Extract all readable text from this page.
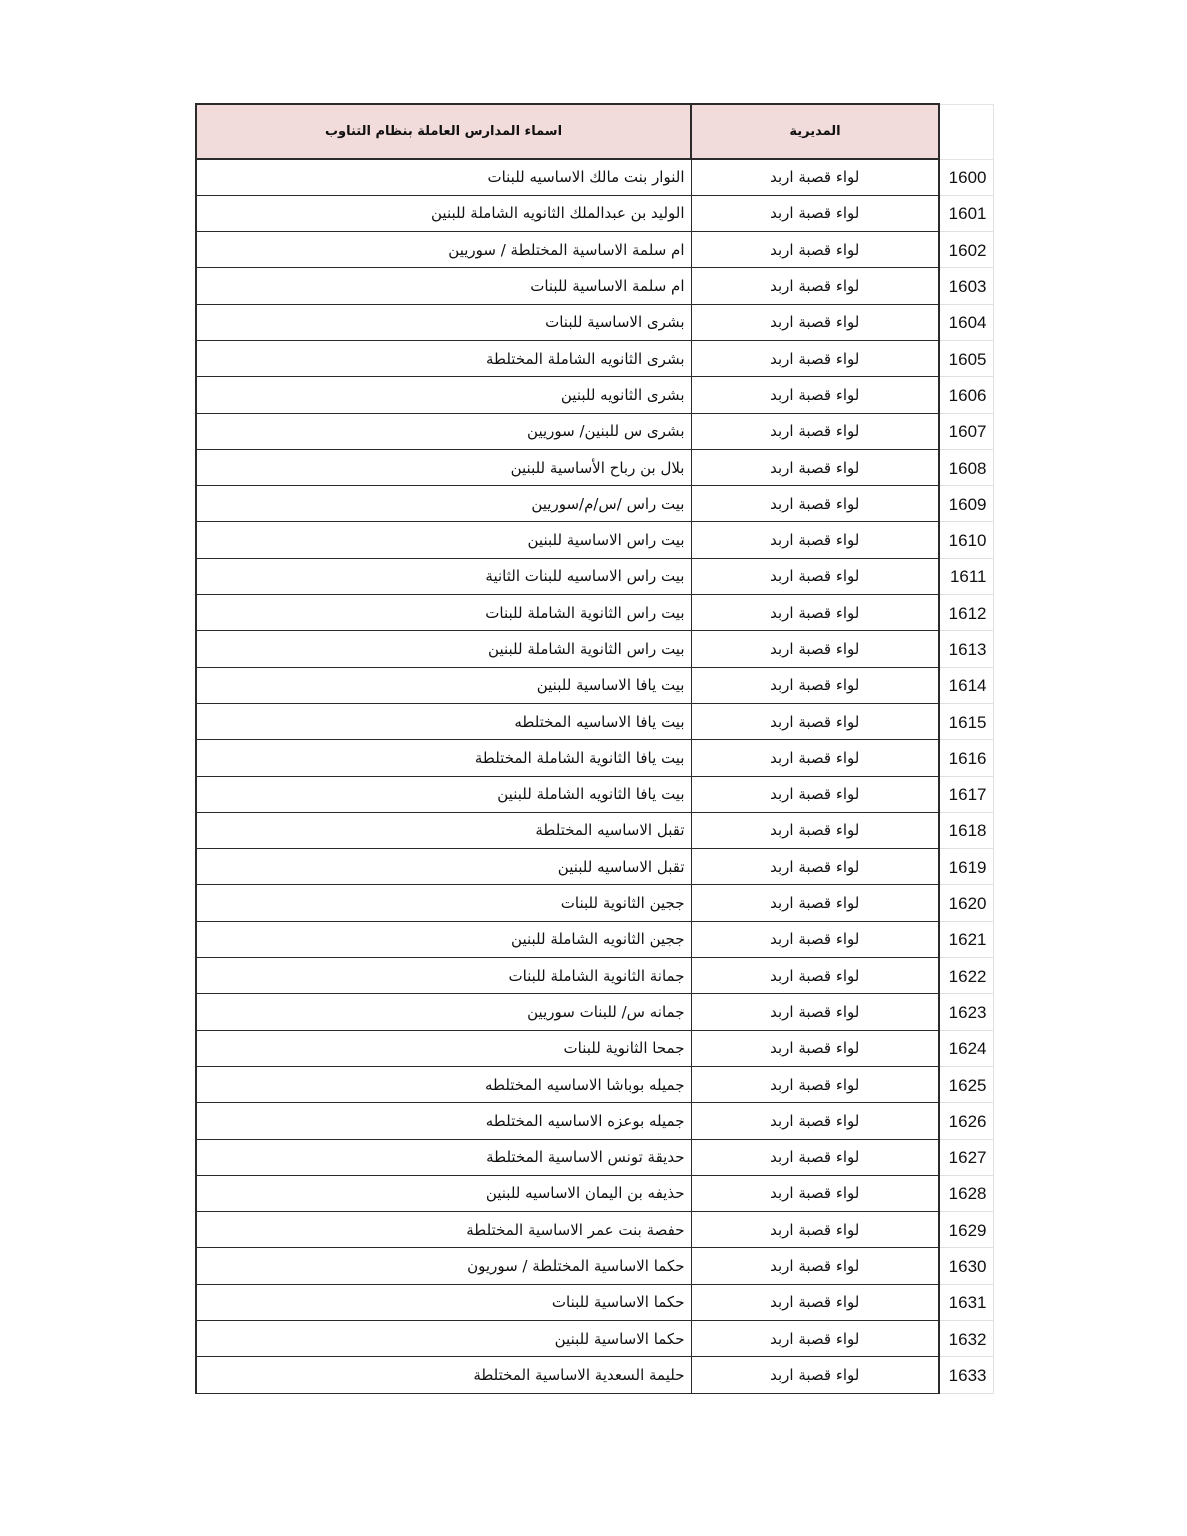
اسماء المدارس العاملة بنظام التناوب	المديرية	
النوار بنت مالك الاساسيه للبنات	لواء قصبة اربد	1600
الوليد بن عبدالملك الثانويه الشاملة للبنين	لواء قصبة اربد	1601
ام سلمة الاساسية المختلطة / سوريين	لواء قصبة اربد	1602
ام سلمة الاساسية للبنات	لواء قصبة اربد	1603
بشرى الاساسية للبنات	لواء قصبة اربد	1604
بشرى الثانويه الشاملة المختلطة	لواء قصبة اربد	1605
بشرى الثانويه للبنين	لواء قصبة اربد	1606
بشرى س للبنين/ سوريين	لواء قصبة اربد	1607
بلال بن رباح الأساسية للبنين	لواء قصبة اربد	1608
بيت راس /س/م/سوريين	لواء قصبة اربد	1609
بيت راس الاساسية للبنين	لواء قصبة اربد	1610
بيت راس الاساسيه للبنات الثانية	لواء قصبة اربد	1611
بيت راس الثانوية الشاملة للبنات	لواء قصبة اربد	1612
بيت راس الثانوية الشاملة للبنين	لواء قصبة اربد	1613
بيت يافا الاساسية للبنين	لواء قصبة اربد	1614
بيت يافا الاساسيه المختلطه	لواء قصبة اربد	1615
بيت يافا الثانوية الشاملة المختلطة	لواء قصبة اربد	1616
بيت يافا الثانويه الشاملة للبنين	لواء قصبة اربد	1617
تقبل الاساسيه المختلطة	لواء قصبة اربد	1618
تقبل الاساسيه للبنين	لواء قصبة اربد	1619
ججين الثانوية للبنات	لواء قصبة اربد	1620
ججين الثانويه الشاملة للبنين	لواء قصبة اربد	1621
جمانة الثانوية الشاملة للبنات	لواء قصبة اربد	1622
جمانه س/ للبنات سوريين	لواء قصبة اربد	1623
جمحا الثانوية للبنات	لواء قصبة اربد	1624
جميله بوباشا الاساسيه المختلطه	لواء قصبة اربد	1625
جميله بوعزه الاساسيه المختلطه	لواء قصبة اربد	1626
حديقة تونس الاساسية المختلطة	لواء قصبة اربد	1627
حذيفه بن اليمان الاساسيه للبنين	لواء قصبة اربد	1628
حفصة بنت عمر الاساسية المختلطة	لواء قصبة اربد	1629
حكما الاساسية المختلطة / سوريون	لواء قصبة اربد	1630
حكما الاساسية للبنات	لواء قصبة اربد	1631
حكما الاساسية للبنين	لواء قصبة اربد	1632
حليمة السعدية الاساسية المختلطة	لواء قصبة اربد	1633
